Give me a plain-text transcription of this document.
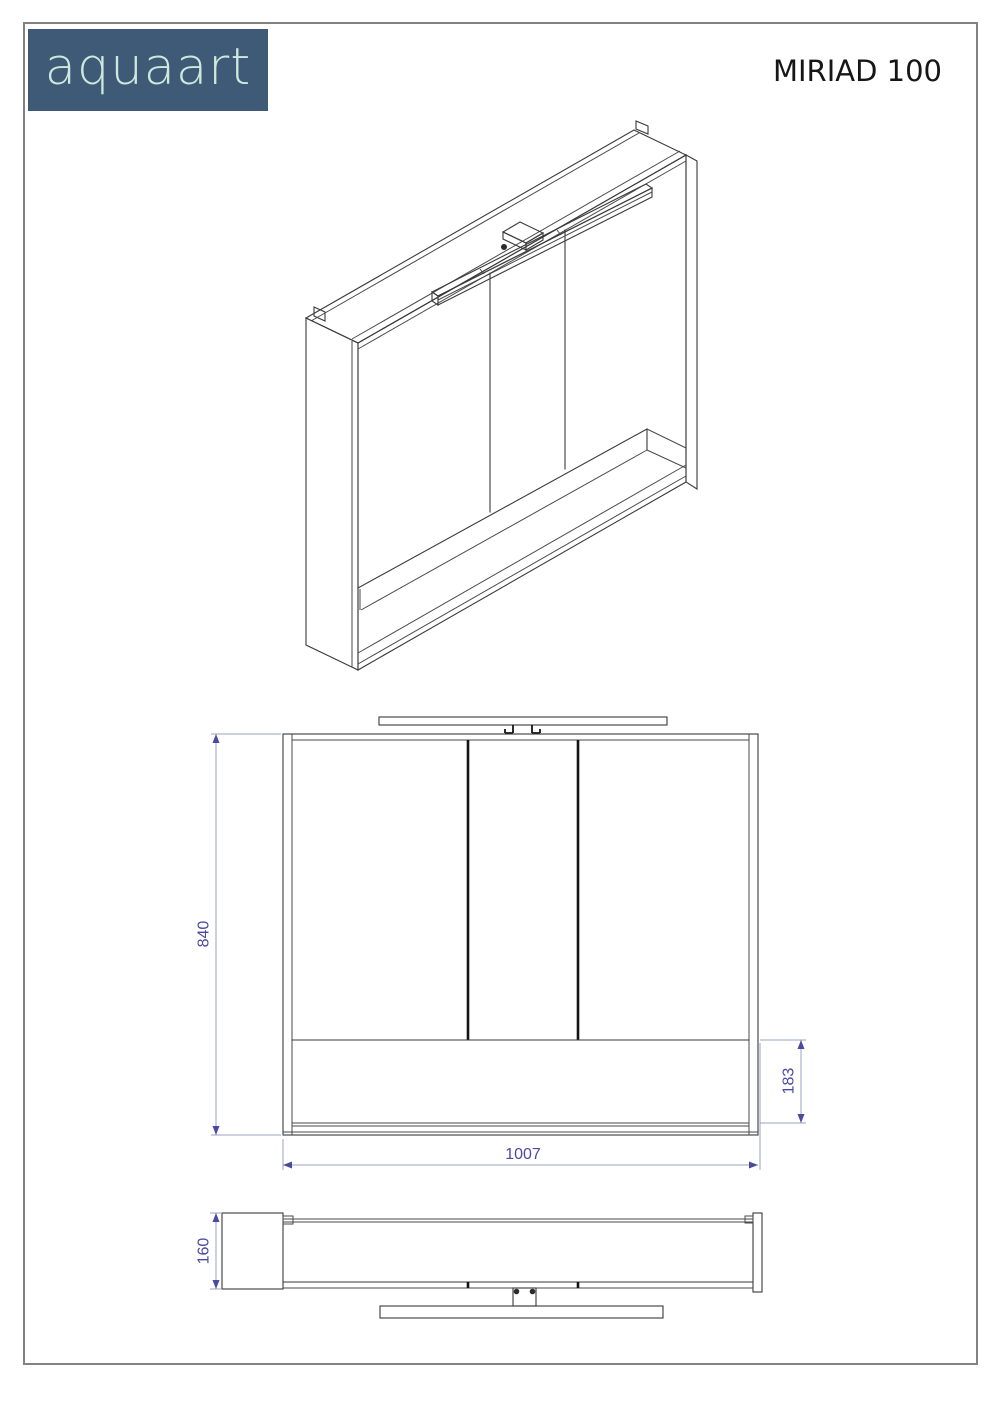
aquaart	MIRIAD 100
840
183
1007
160
